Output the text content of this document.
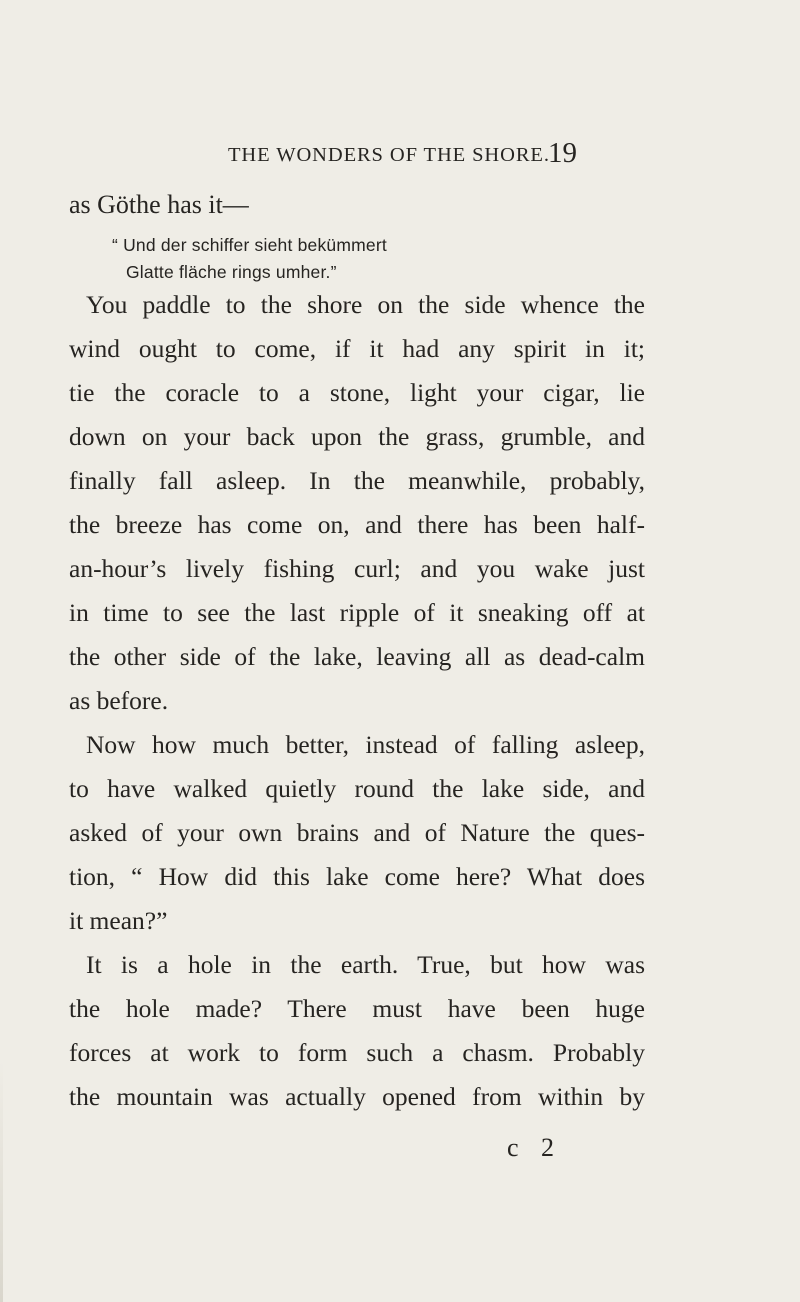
THE WONDERS OF THE SHORE.
19
as Göthe has it—
“ Und der schiffer sieht bekümmert
Glatte fläche rings umher.”
You paddle to the shore on the side whence the
wind ought to come, if it had any spirit in it;
tie the coracle to a stone, light your cigar, lie
down on your back upon the grass, grumble, and
finally fall asleep. In the meanwhile, probably,
the breeze has come on, and there has been half-
an-hour’s lively fishing curl; and you wake just
in time to see the last ripple of it sneaking off at
the other side of the lake, leaving all as dead-calm
as before.
Now how much better, instead of falling asleep,
to have walked quietly round the lake side, and
asked of your own brains and of Nature the ques-
tion, “ How did this lake come here? What does
it mean?”
It is a hole in the earth. True, but how was
the hole made? There must have been huge
forces at work to form such a chasm. Probably
the mountain was actually opened from within by
c 2
